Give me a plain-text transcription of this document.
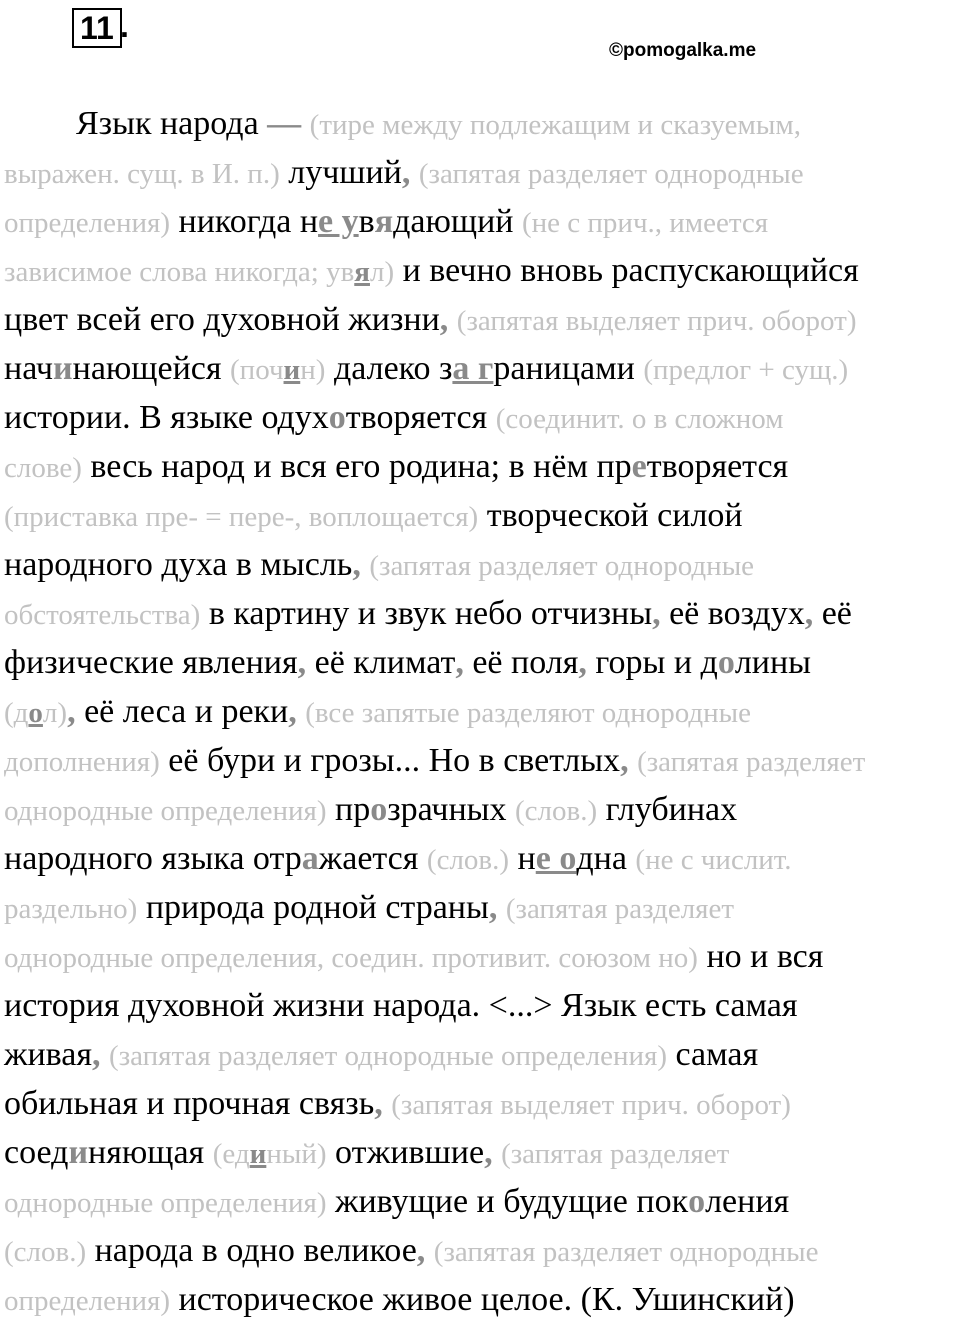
11 .
©pomogalka.me
Язык народа — (тире между подлежащим и сказуемым,
выражен. сущ. в И. п.) лучший, (запятая разделяет однородные
определения) никогда не увядающий (не с прич., имеется
зависимое слова никогда; увял) и вечно вновь распускающийся
цвет всей его духовной жизни, (запятая выделяет прич. оборот)
начинающейся (почин) далеко за границами (предлог + сущ.)
истории. В языке одухотворяется (соединит. о в сложном
слове) весь народ и вся его родина; в нём претворяется
(приставка пре- = пере-, воплощается) творческой силой
народного духа в мысль, (запятая разделяет однородные
обстоятельства) в картину и звук небо отчизны, её воздух, её
физические явления, её климат, её поля, горы и долины
(дол), её леса и реки, (все запятые разделяют однородные
дополнения) её бури и грозы... Но в светлых, (запятая разделяет
однородные определения) прозрачных (слов.) глубинах
народного языка отражается (слов.) не одна (не с числит.
раздельно) природа родной страны, (запятая разделяет
однородные определения, соедин. противит. союзом но) но и вся
история духовной жизни народа. <...> Язык есть самая
живая, (запятая разделяет однородные определения) самая
обильная и прочная связь, (запятая выделяет прич. оборот)
соединяющая (единый) отжившие, (запятая разделяет
однородные определения) живущие и будущие поколения
(слов.) народа в одно великое, (запятая разделяет однородные
определения) историческое живое целое. (К. Ушинский)
